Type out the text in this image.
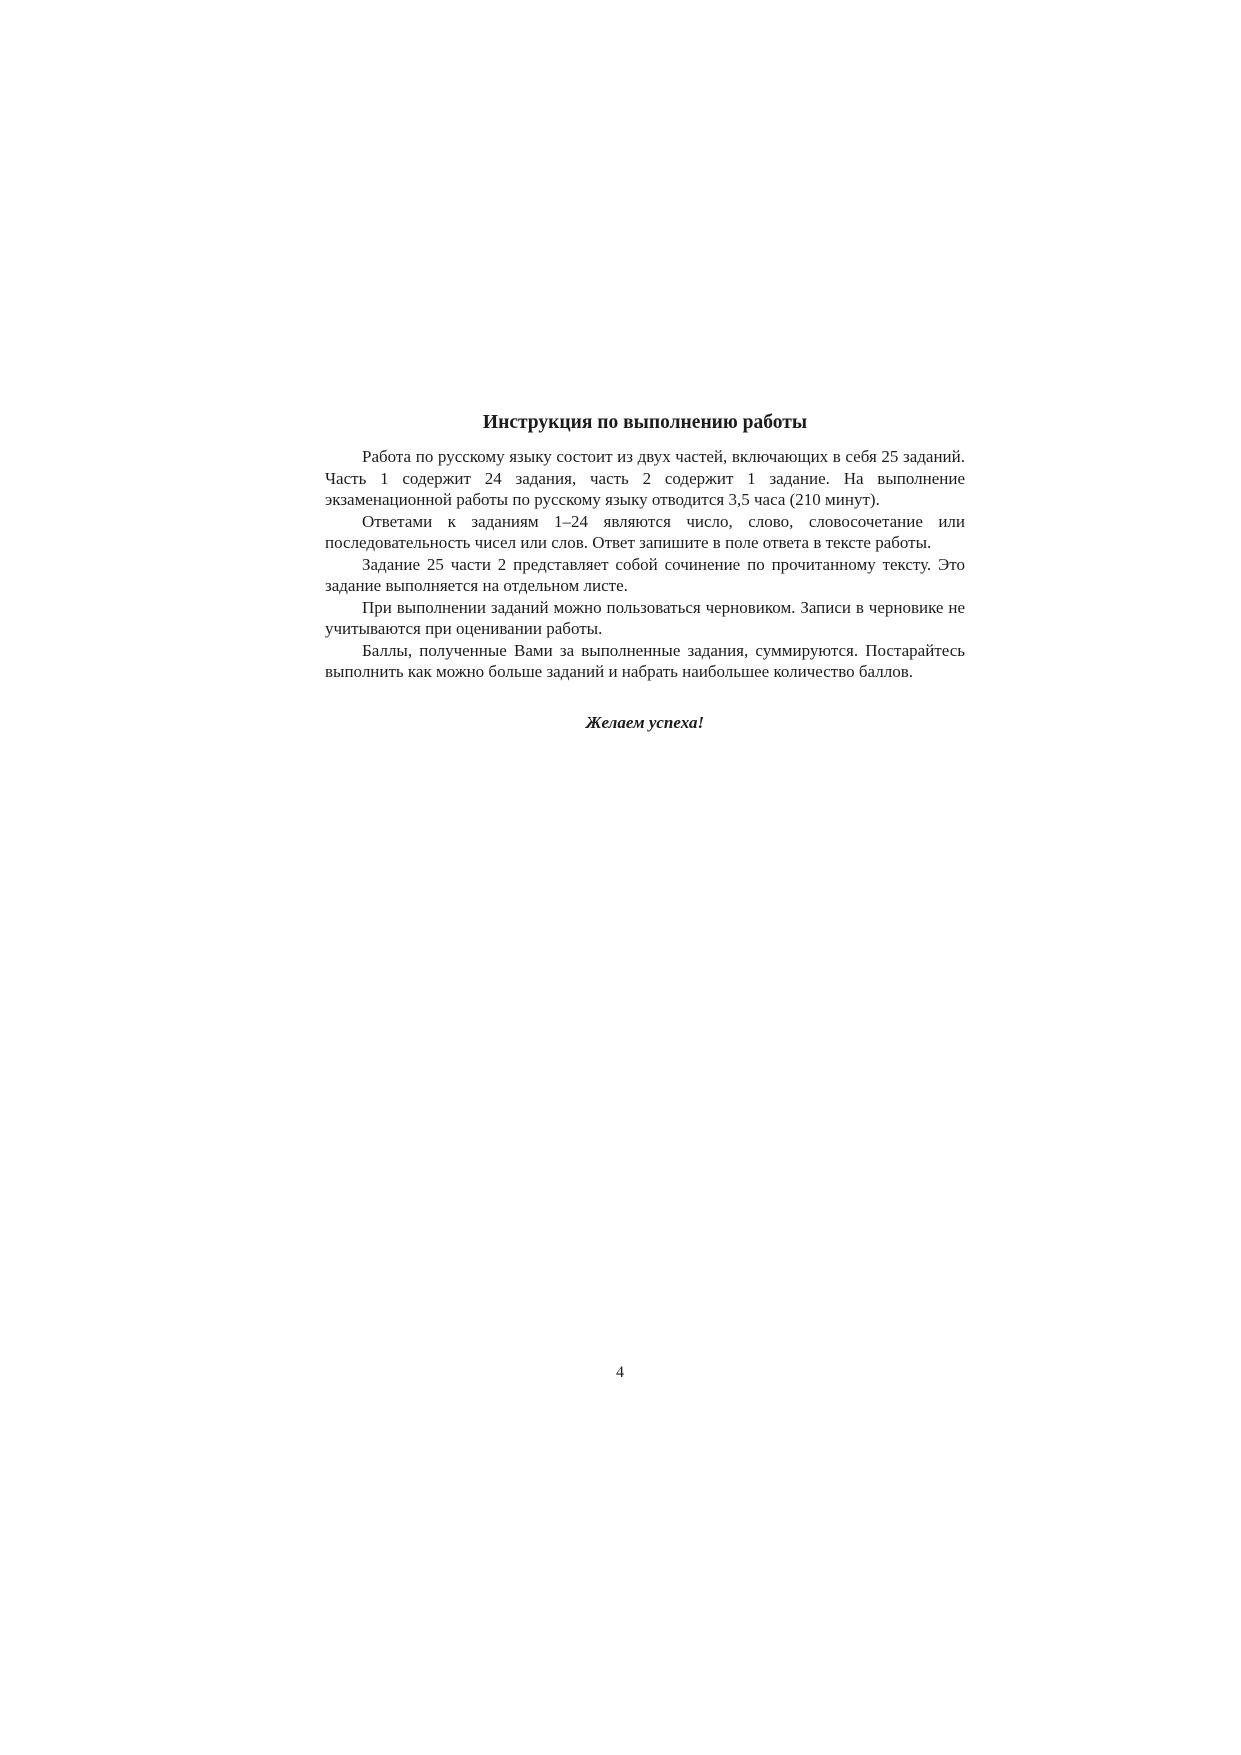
Инструкция по выполнению работы

Работа по русскому языку состоит из двух частей, включающих в себя 25 заданий. Часть 1 содержит 24 задания, часть 2 содержит 1 задание. На выполнение экзаменационной работы по русскому языку отводится 3,5 часа (210 минут).

Ответами к заданиям 1–24 являются число, слово, словосочетание или последовательность чисел или слов. Ответ запишите в поле ответа в тексте работы.

Задание 25 части 2 представляет собой сочинение по прочитанному тексту. Это задание выполняется на отдельном листе.

При выполнении заданий можно пользоваться черновиком. Записи в черновике не учитываются при оценивании работы.

Баллы, полученные Вами за выполненные задания, суммируются. Постарайтесь выполнить как можно больше заданий и набрать наибольшее количество баллов.

Желаем успеха!

4
